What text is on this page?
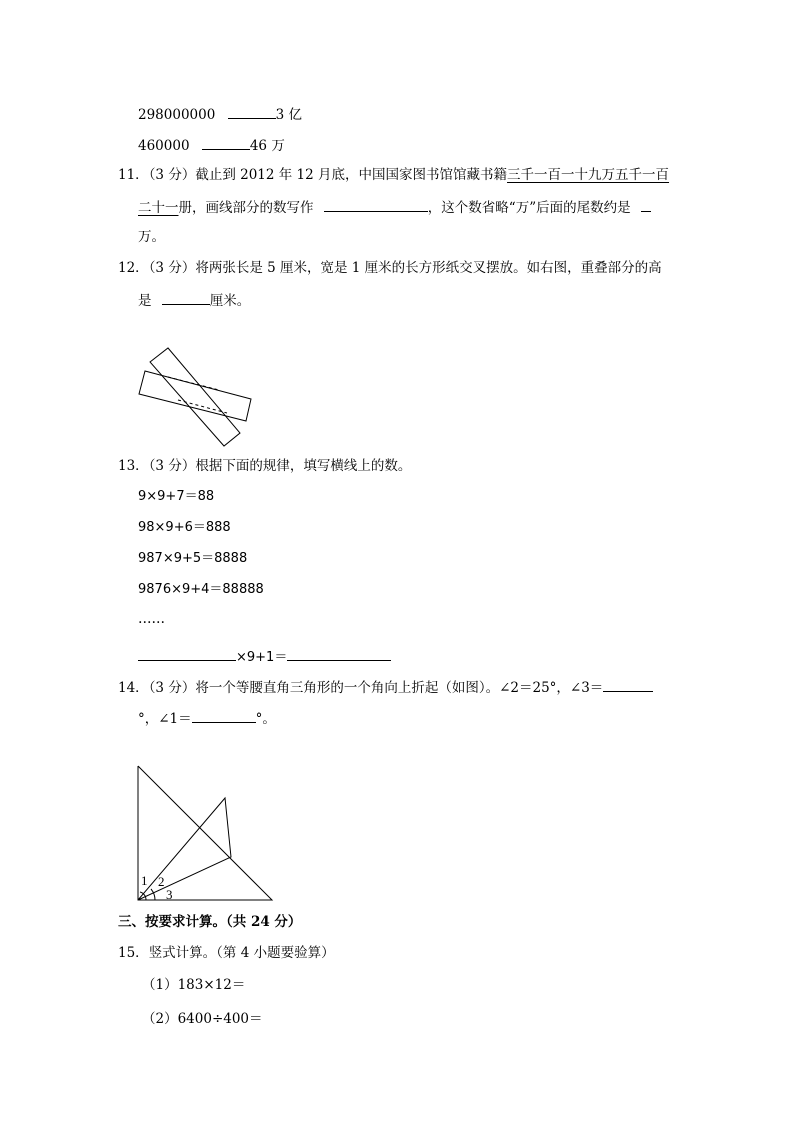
298000000	3 亿
460000	46 万
11．（3 分）截止到 2012 年 12 月底，中国国家图书馆馆藏书籍三千一百一十九万五千一百
二十一册，画线部分的数写作	，这个数省略“万”后面的尾数约是
万。
12．（3 分）将两张长是 5 厘米，宽是 1 厘米的长方形纸交叉摆放。如右图，重叠部分的高
是	厘米。
13．（3 分）根据下面的规律，填写横线上的数。
9×9+7＝88
98×9+6＝888
987×9+5＝8888
9876×9+4＝88888
……
×9+1＝
14．（3 分）将一个等腰直角三角形的一个角向上折起（如图）。∠2＝25°，∠3＝
°，∠1＝	°。
1 2
3
三、按要求计算。（共 24 分）
15．竖式计算。（第 4 小题要验算）
（1）183×12＝
（2）6400÷400＝
